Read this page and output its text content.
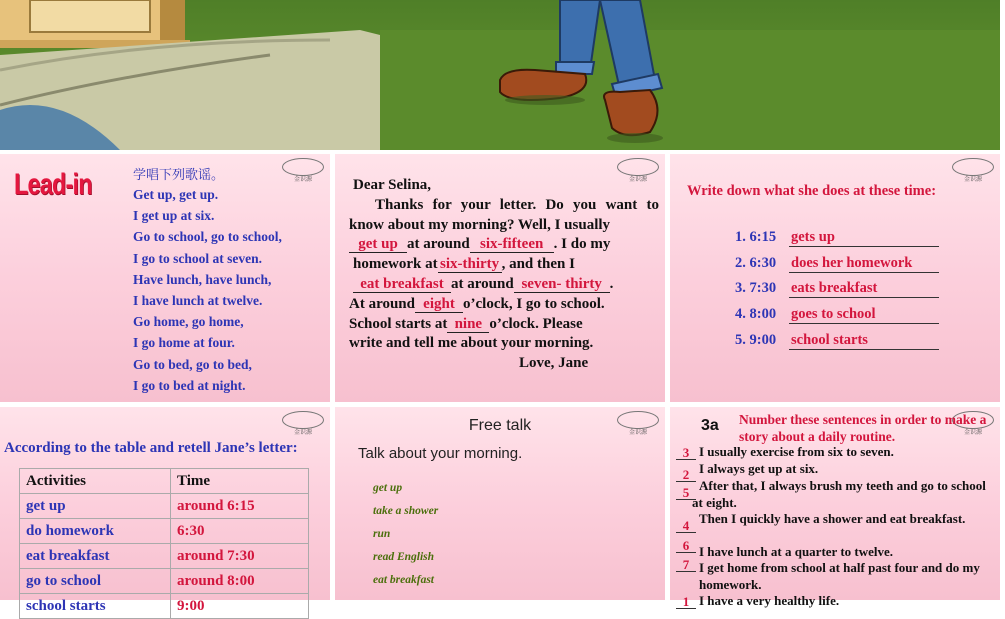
金识源
Lead-in	学唱下列歌谣。
Get up, get up.
I get up at six.
Go to school, go to school,
I go to school at seven.
Have lunch, have lunch,
I have lunch at twelve.
Go home, go home,
I go home at four.
Go to bed, go to bed,
I go to bed at night.
金识源
Dear Selina,
Thanks for your letter. Do you want to know about my morning? Well, I usually
get up at around six-fifteen . I do my
homework at six-thirty , and then I
eat breakfast at around seven- thirty .
At around eight o’clock, I go to school.
School starts at nine o’clock. Please
write and tell me about your morning.
Love, Jane
金识源
Write down what she does at these time:
1. 6:15 gets up
2. 6:30 does her homework
3. 7:30 eats breakfast
4. 8:00 goes to school
5. 9:00 school starts
金识源
According to the table and retell Jane’s letter:
Activities	Time
get up	around 6:15
do homework	6:30
eat breakfast	around 7:30
go to school	around 8:00
school starts	9:00
金识源
Free talk
Talk about your morning.
get up
take a shower
run
read English
eat breakfast
金识源
3a Number these sentences in order to make a story about a daily routine.
3 I usually exercise from six to seven.
2 I always get up at six.
5 After that, I always brush my teeth and go to school at eight.
4 Then I quickly have a shower and eat breakfast.
6 I have lunch at a quarter to twelve.
7 I get home from school at half past four and do my homework.
1 I have a very healthy life.
